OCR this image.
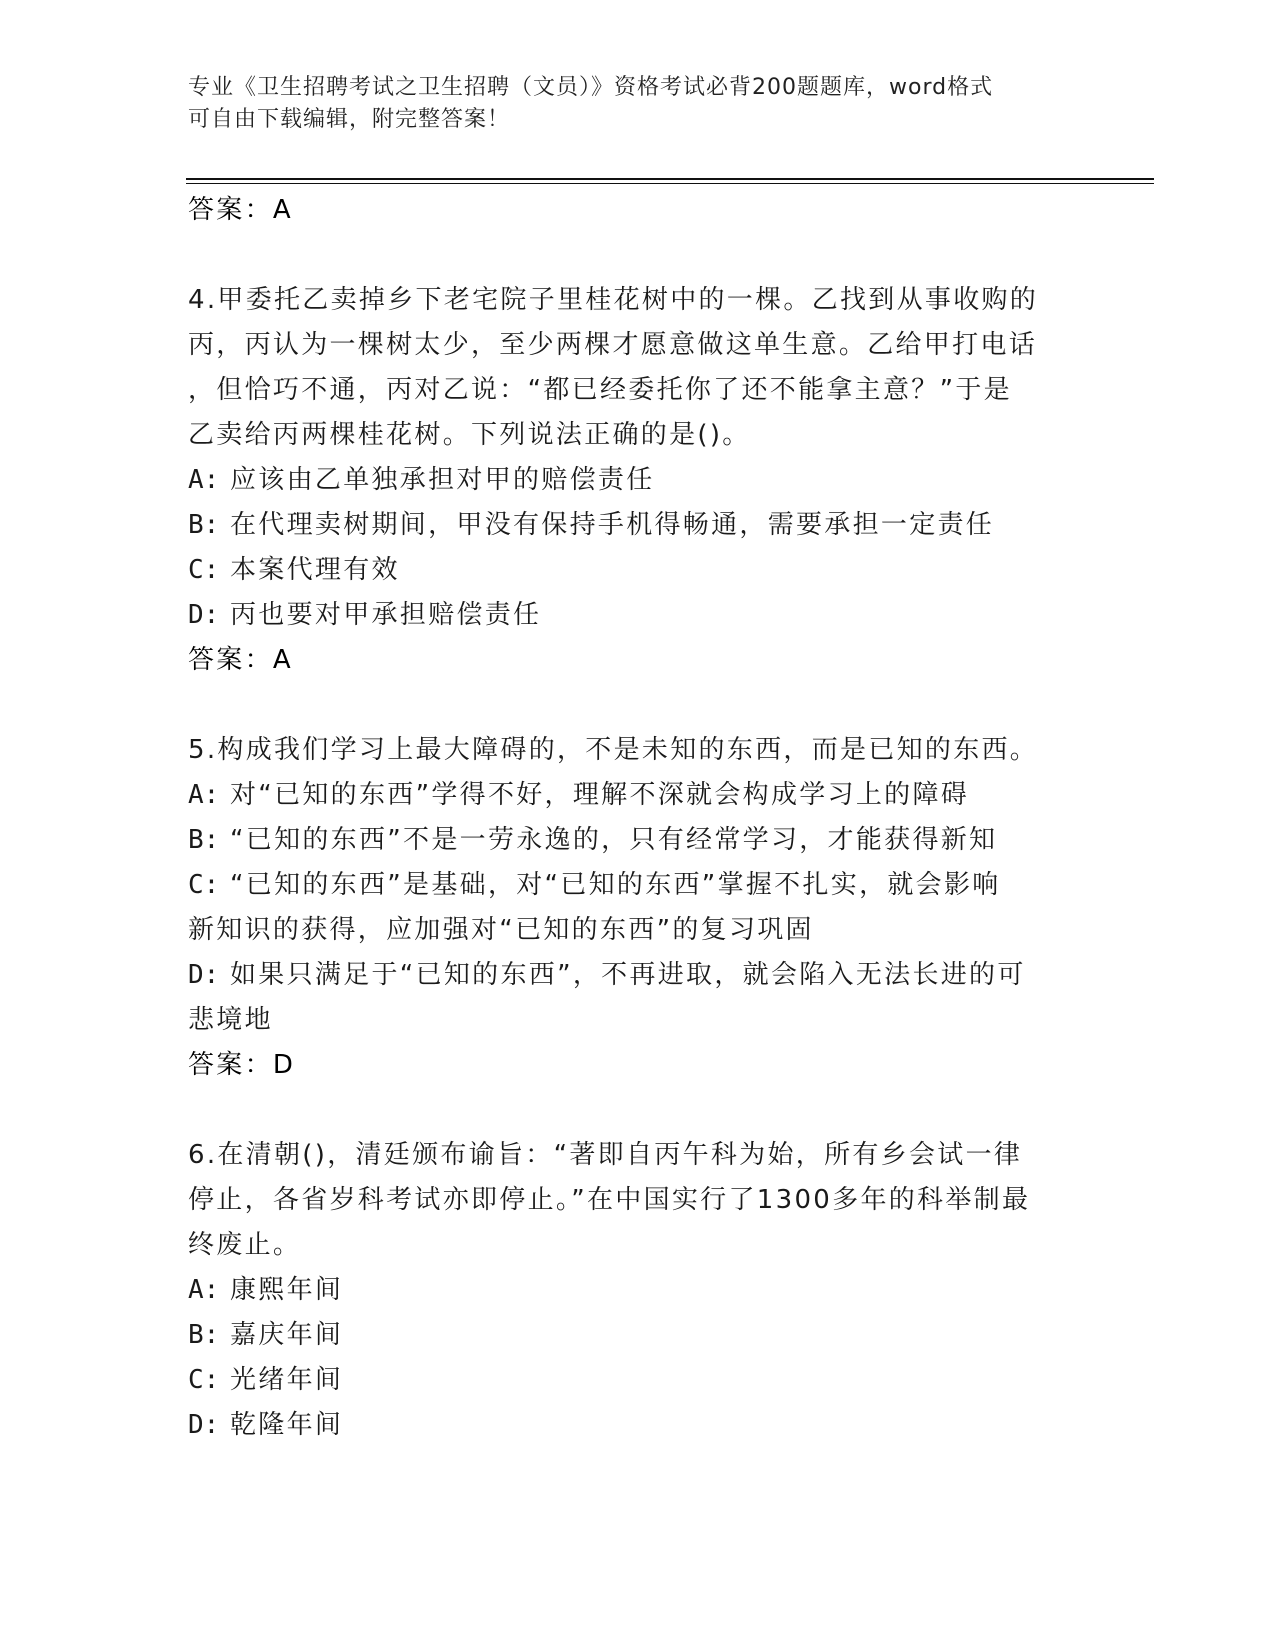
专业《卫生招聘考试之卫生招聘（文员）》资格考试必背200题题库，word格式
可自由下载编辑，附完整答案！
答案：A
4.甲委托乙卖掉乡下老宅院子里桂花树中的一棵。乙找到从事收购的
丙，丙认为一棵树太少，至少两棵才愿意做这单生意。乙给甲打电话
，但恰巧不通，丙对乙说：“都已经委托你了还不能拿主意？”于是
乙卖给丙两棵桂花树。下列说法正确的是()。
A: 应该由乙单独承担对甲的赔偿责任
B: 在代理卖树期间，甲没有保持手机得畅通，需要承担一定责任
C: 本案代理有效
D: 丙也要对甲承担赔偿责任
答案：A
5.构成我们学习上最大障碍的，不是未知的东西，而是已知的东西。
A: 对“已知的东西”学得不好，理解不深就会构成学习上的障碍
B: “已知的东西”不是一劳永逸的，只有经常学习，才能获得新知
C: “已知的东西”是基础，对“已知的东西”掌握不扎实，就会影响
新知识的获得，应加强对“已知的东西”的复习巩固
D: 如果只满足于“已知的东西”，不再进取，就会陷入无法长进的可
悲境地
答案：D
6.在清朝()，清廷颁布谕旨：“著即自丙午科为始，所有乡会试一律
停止，各省岁科考试亦即停止。”在中国实行了1300多年的科举制最
终废止。
A: 康熙年间
B: 嘉庆年间
C: 光绪年间
D: 乾隆年间
